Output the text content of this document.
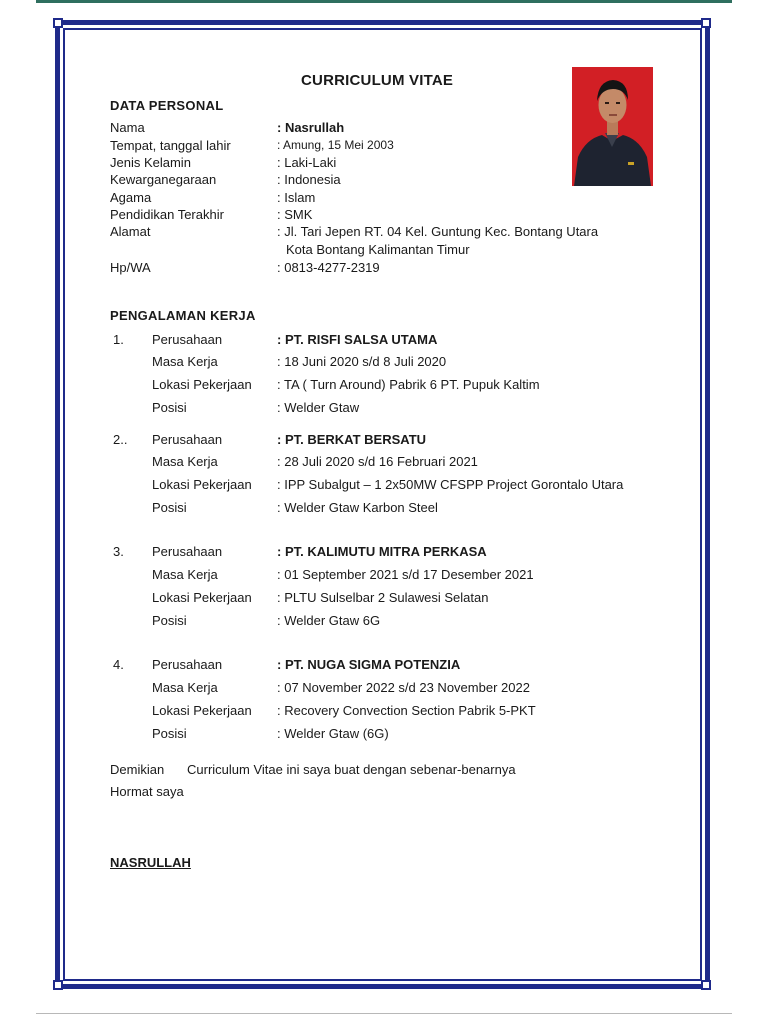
CURRICULUM VITAE
DATA PERSONAL
Nama	: Nasrullah
Tempat, tanggal lahir	: Amung, 15 Mei 2003
Jenis Kelamin	: Laki-Laki
Kewarganegaraan	: Indonesia
Agama	: Islam
Pendidikan Terakhir	: SMK
Alamat	: Jl. Tari Jepen RT. 04 Kel. Guntung Kec. Bontang Utara
Kota Bontang Kalimantan Timur
Hp/WA	: 0813-4277-2319
PENGALAMAN KERJA
1. Perusahaan	: PT. RISFI SALSA UTAMA
Masa Kerja	: 18 Juni 2020 s/d 8 Juli 2020
Lokasi Pekerjaan : TA ( Turn Around) Pabrik 6 PT. Pupuk Kaltim
Posisi	: Welder Gtaw
2.. Perusahaan	: PT. BERKAT BERSATU
Masa Kerja	: 28 Juli 2020 s/d 16 Februari 2021
Lokasi Pekerjaan : IPP Subalgut – 1 2x50MW CFSPP Project Gorontalo Utara
Posisi	: Welder Gtaw Karbon Steel
3. Perusahaan	: PT. KALIMUTU MITRA PERKASA
Masa Kerja	: 01 September 2021 s/d 17 Desember 2021
Lokasi Pekerjaan : PLTU Sulselbar 2 Sulawesi Selatan
Posisi	: Welder Gtaw 6G
4. Perusahaan	: PT. NUGA SIGMA POTENZIA
Masa Kerja	: 07 November 2022 s/d 23 November 2022
Lokasi Pekerjaan : Recovery Convection Section Pabrik 5-PKT
Posisi	: Welder Gtaw (6G)
Demikian Curriculum Vitae ini saya buat dengan sebenar-benarnya
Hormat saya
NASRULLAH
